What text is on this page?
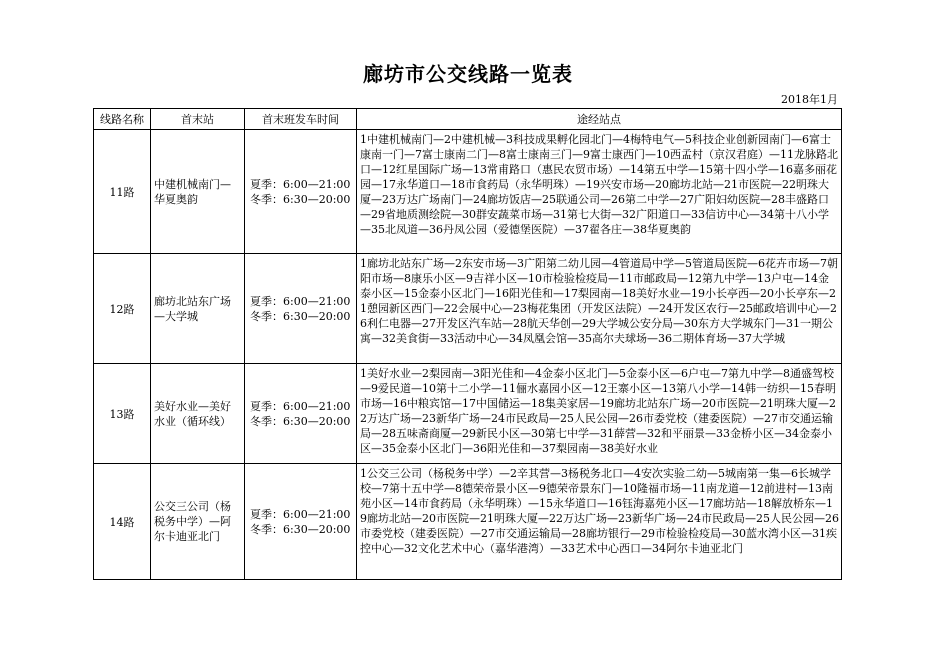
廊坊市公交线路一览表
2018年1月
线路名称	首末站	首末班发车时间	途经站点
11路	中建机械南门—华夏奥韵	夏季：6:00—21:00
冬季：6:30—20:00	1中建机械南门—2中建机械—3科技成果孵化园北门—4梅特电气—5科技企业创新园南门—6富士康南一门—7富士康南二门—8富士康南三门—9富士康西门—10西孟村（京汉君庭）—11龙脉路北口—12红星国际广场—13常甫路口（惠民农贸市场）—14第五中学—15第十四小学—16嘉多丽花园—17永华道口—18市食药局（永华明珠）—19兴安市场—20廊坊北站—21市医院—22明珠大厦—23万达广场南门—24廊坊饭店—25联通公司—26第二中学—27广阳妇幼医院—28丰盛路口—29省地质测绘院—30群安蔬菜市场—31第七大街—32广阳道口—33信访中心—34第十八小学—35北凤道—36丹凤公园（爱德堡医院）—37翟各庄—38华夏奥韵

12路	廊坊北站东广场—大学城	夏季：6:00—21:00
冬季：6:30—20:00	1廊坊北站东广场—2东安市场—3广阳第二幼儿园—4管道局中学—5管道局医院—6花卉市场—7朝阳市场—8康乐小区—9吉祥小区—10市检验检疫局—11市邮政局—12第九中学—13户屯—14金泰小区—15金泰小区北门—16阳光佳和—17梨园南—18美好水业—19小长亭西—20小长亭东—21憩园新区西门—22会展中心—23梅花集团（开发区法院）—24开发区农行—25邮政培训中心—26利仁电器—27开发区汽车站—28航天华创—29大学城公安分局—30东方大学城东门—31一期公寓—32美食街—33活动中心—34凤凰会馆—35高尔夫球场—36二期体育场—37大学城

13路	美好水业—美好水业（循环线）	夏季：6:00—21:00
冬季：6:30—20:00	1美好水业—2梨园南—3阳光佳和—4金泰小区北门—5金泰小区—6户屯—7第九中学—8通盛驾校—9爱民道—10第十二小学—11俪水嘉园小区—12王寨小区—13第八小学—14韩一纺织—15春明市场—16中粮宾馆—17中国储运—18集美家居—19廊坊北站东广场—20市医院—21明珠大厦—22万达广场—23新华广场—24市民政局—25人民公园—26市委党校（建委医院）—27市交通运输局—28五味斋商厦—29新民小区—30第七中学—31薛营—32和平丽景—33金桥小区—34金泰小区—35金泰小区北门—36阳光佳和—37梨园南—38美好水业

14路	公交三公司（杨税务中学）—阿尔卡迪亚北门	夏季：6:00—21:00
冬季：6:30—20:00	1公交三公司（杨税务中学）—2辛其营—3杨税务北口—4安次实验二幼—5城南第一集—6长城学校—7第十五中学—8德荣帝景小区—9德荣帝景东门—10隆福市场—11南龙道—12前进村—13南苑小区—14市食药局（永华明珠）—15永华道口—16钰海嘉苑小区—17廊坊站—18解放桥东—19廊坊北站—20市医院—21明珠大厦—22万达广场—23新华广场—24市民政局—25人民公园—26市委党校（建委医院）—27市交通运输局—28廊坊银行—29市检验检疫局—30蓝水湾小区—31疾控中心—32文化艺术中心（嘉华港湾）—33艺术中心西口—34阿尔卡迪亚北门
